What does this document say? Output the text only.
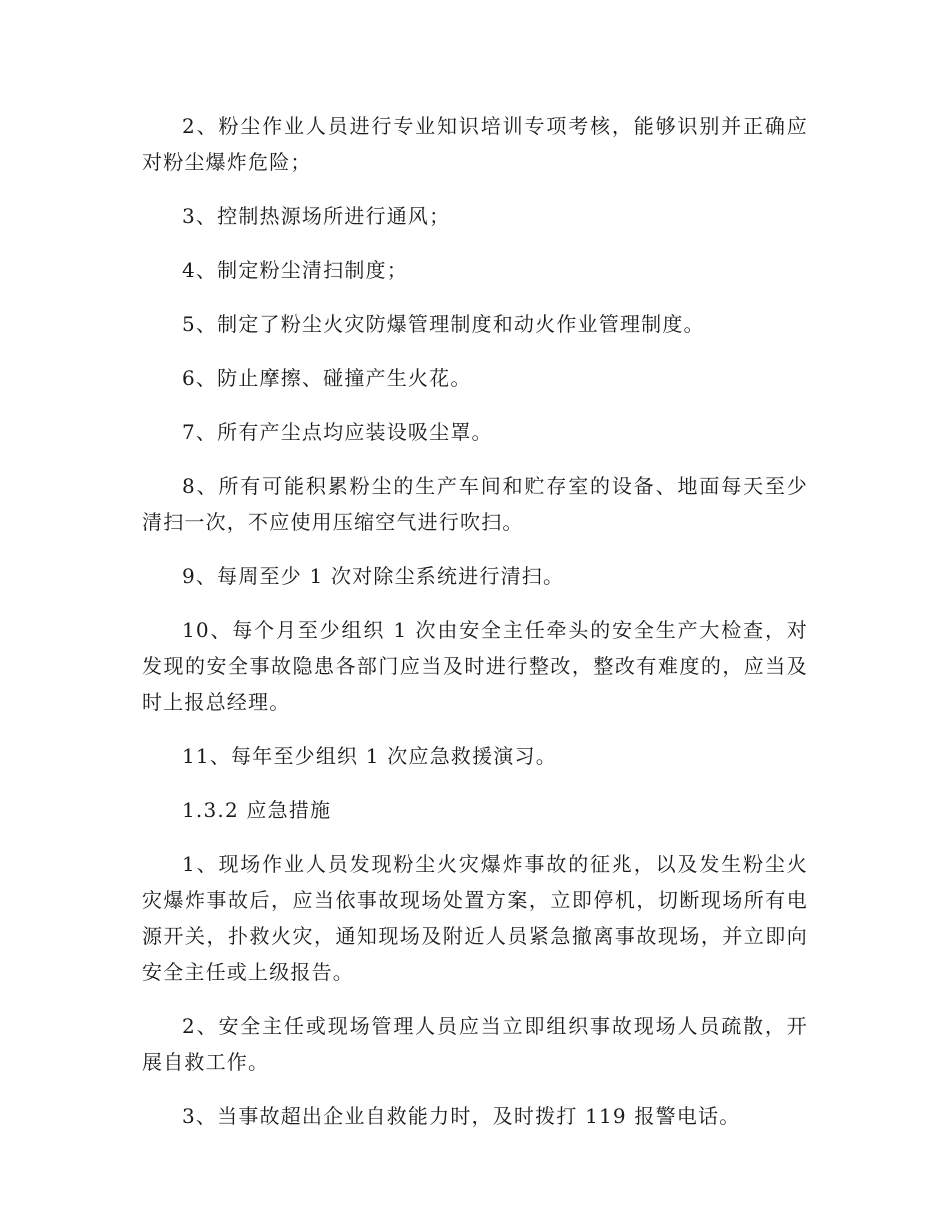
2、粉尘作业人员进行专业知识培训专项考核，能够识别并正确应对粉尘爆炸危险；

3、控制热源场所进行通风；

4、制定粉尘清扫制度；

5、制定了粉尘火灾防爆管理制度和动火作业管理制度。

6、防止摩擦、碰撞产生火花。

7、所有产尘点均应装设吸尘罩。

8、所有可能积累粉尘的生产车间和贮存室的设备、地面每天至少清扫一次，不应使用压缩空气进行吹扫。

9、每周至少 1 次对除尘系统进行清扫。

10、每个月至少组织 1 次由安全主任牵头的安全生产大检查，对发现的安全事故隐患各部门应当及时进行整改，整改有难度的，应当及时上报总经理。

11、每年至少组织 1 次应急救援演习。

1.3.2 应急措施

1、现场作业人员发现粉尘火灾爆炸事故的征兆，以及发生粉尘火灾爆炸事故后，应当依事故现场处置方案，立即停机，切断现场所有电源开关，扑救火灾，通知现场及附近人员紧急撤离事故现场，并立即向安全主任或上级报告。

2、安全主任或现场管理人员应当立即组织事故现场人员疏散，开展自救工作。

3、当事故超出企业自救能力时，及时拨打 119 报警电话。
